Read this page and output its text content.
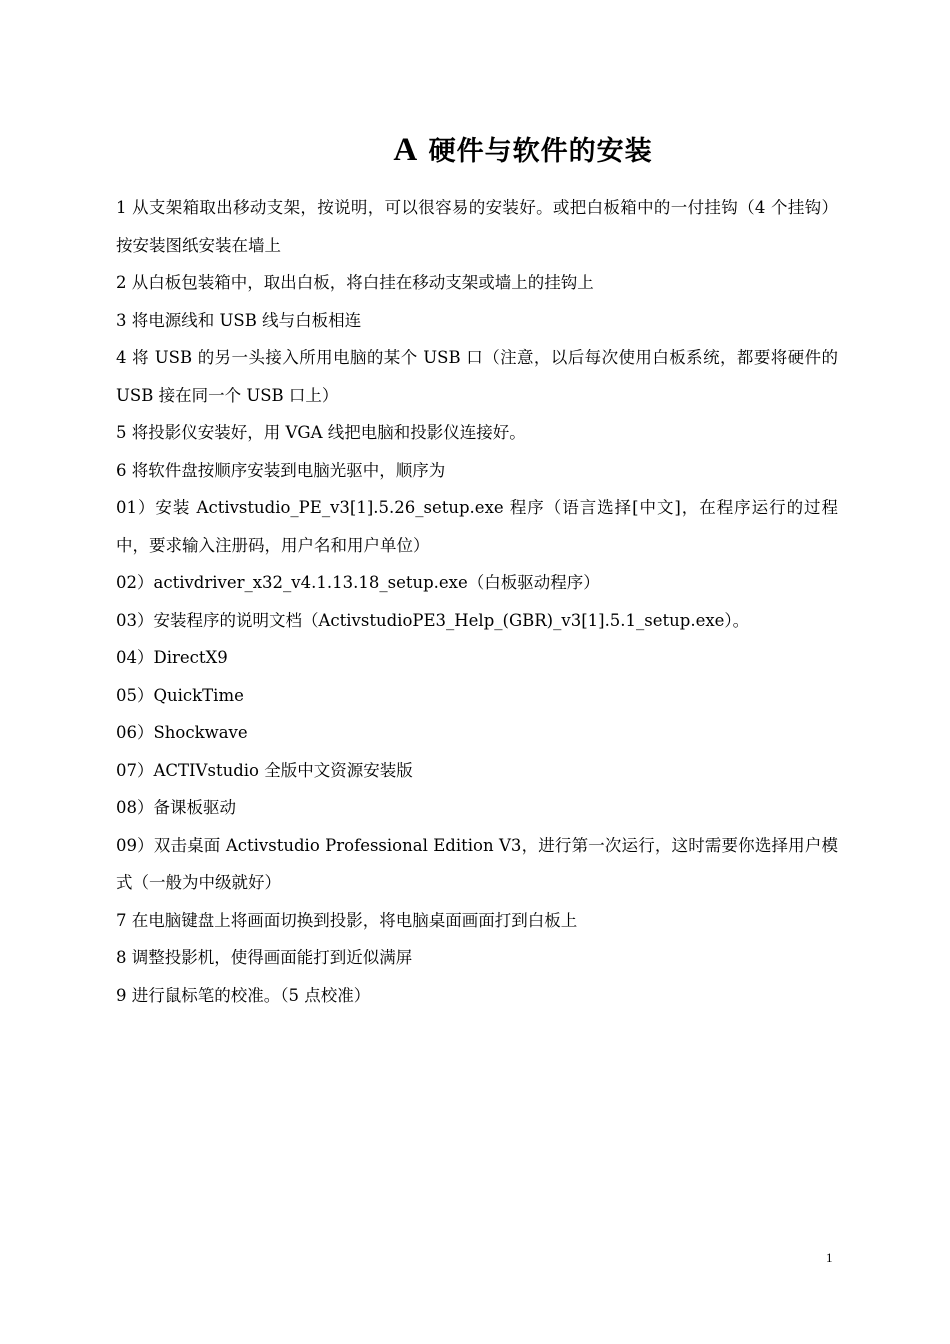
A 硬件与软件的安装

1 从支架箱取出移动支架，按说明，可以很容易的安装好。或把白板箱中的一付挂钩（4 个挂钩）按安装图纸安装在墙上

2 从白板包装箱中，取出白板，将白挂在移动支架或墙上的挂钩上

3 将电源线和 USB 线与白板相连

4 将 USB 的另一头接入所用电脑的某个 USB 口（注意，以后每次使用白板系统，都要将硬件的 USB 接在同一个 USB 口上）

5 将投影仪安装好，用 VGA 线把电脑和投影仪连接好。

6 将软件盘按顺序安装到电脑光驱中，顺序为

01）安装 Activstudio_PE_v3[1].5.26_setup.exe 程序（语言选择[中文]，在程序运行的过程中，要求输入注册码，用户名和用户单位）

02）activdriver_x32_v4.1.13.18_setup.exe（白板驱动程序）

03）安装程序的说明文档（ActivstudioPE3_Help_(GBR)_v3[1].5.1_setup.exe）。

04）DirectX9

05）QuickTime

06）Shockwave

07）ACTIVstudio 全版中文资源安装版

08）备课板驱动

09）双击桌面 Activstudio Professional Edition V3，进行第一次运行，这时需要你选择用户模式（一般为中级就好）

7 在电脑键盘上将画面切换到投影，将电脑桌面画面打到白板上

8 调整投影机，使得画面能打到近似满屏

9 进行鼠标笔的校准。（5 点校准）

1
